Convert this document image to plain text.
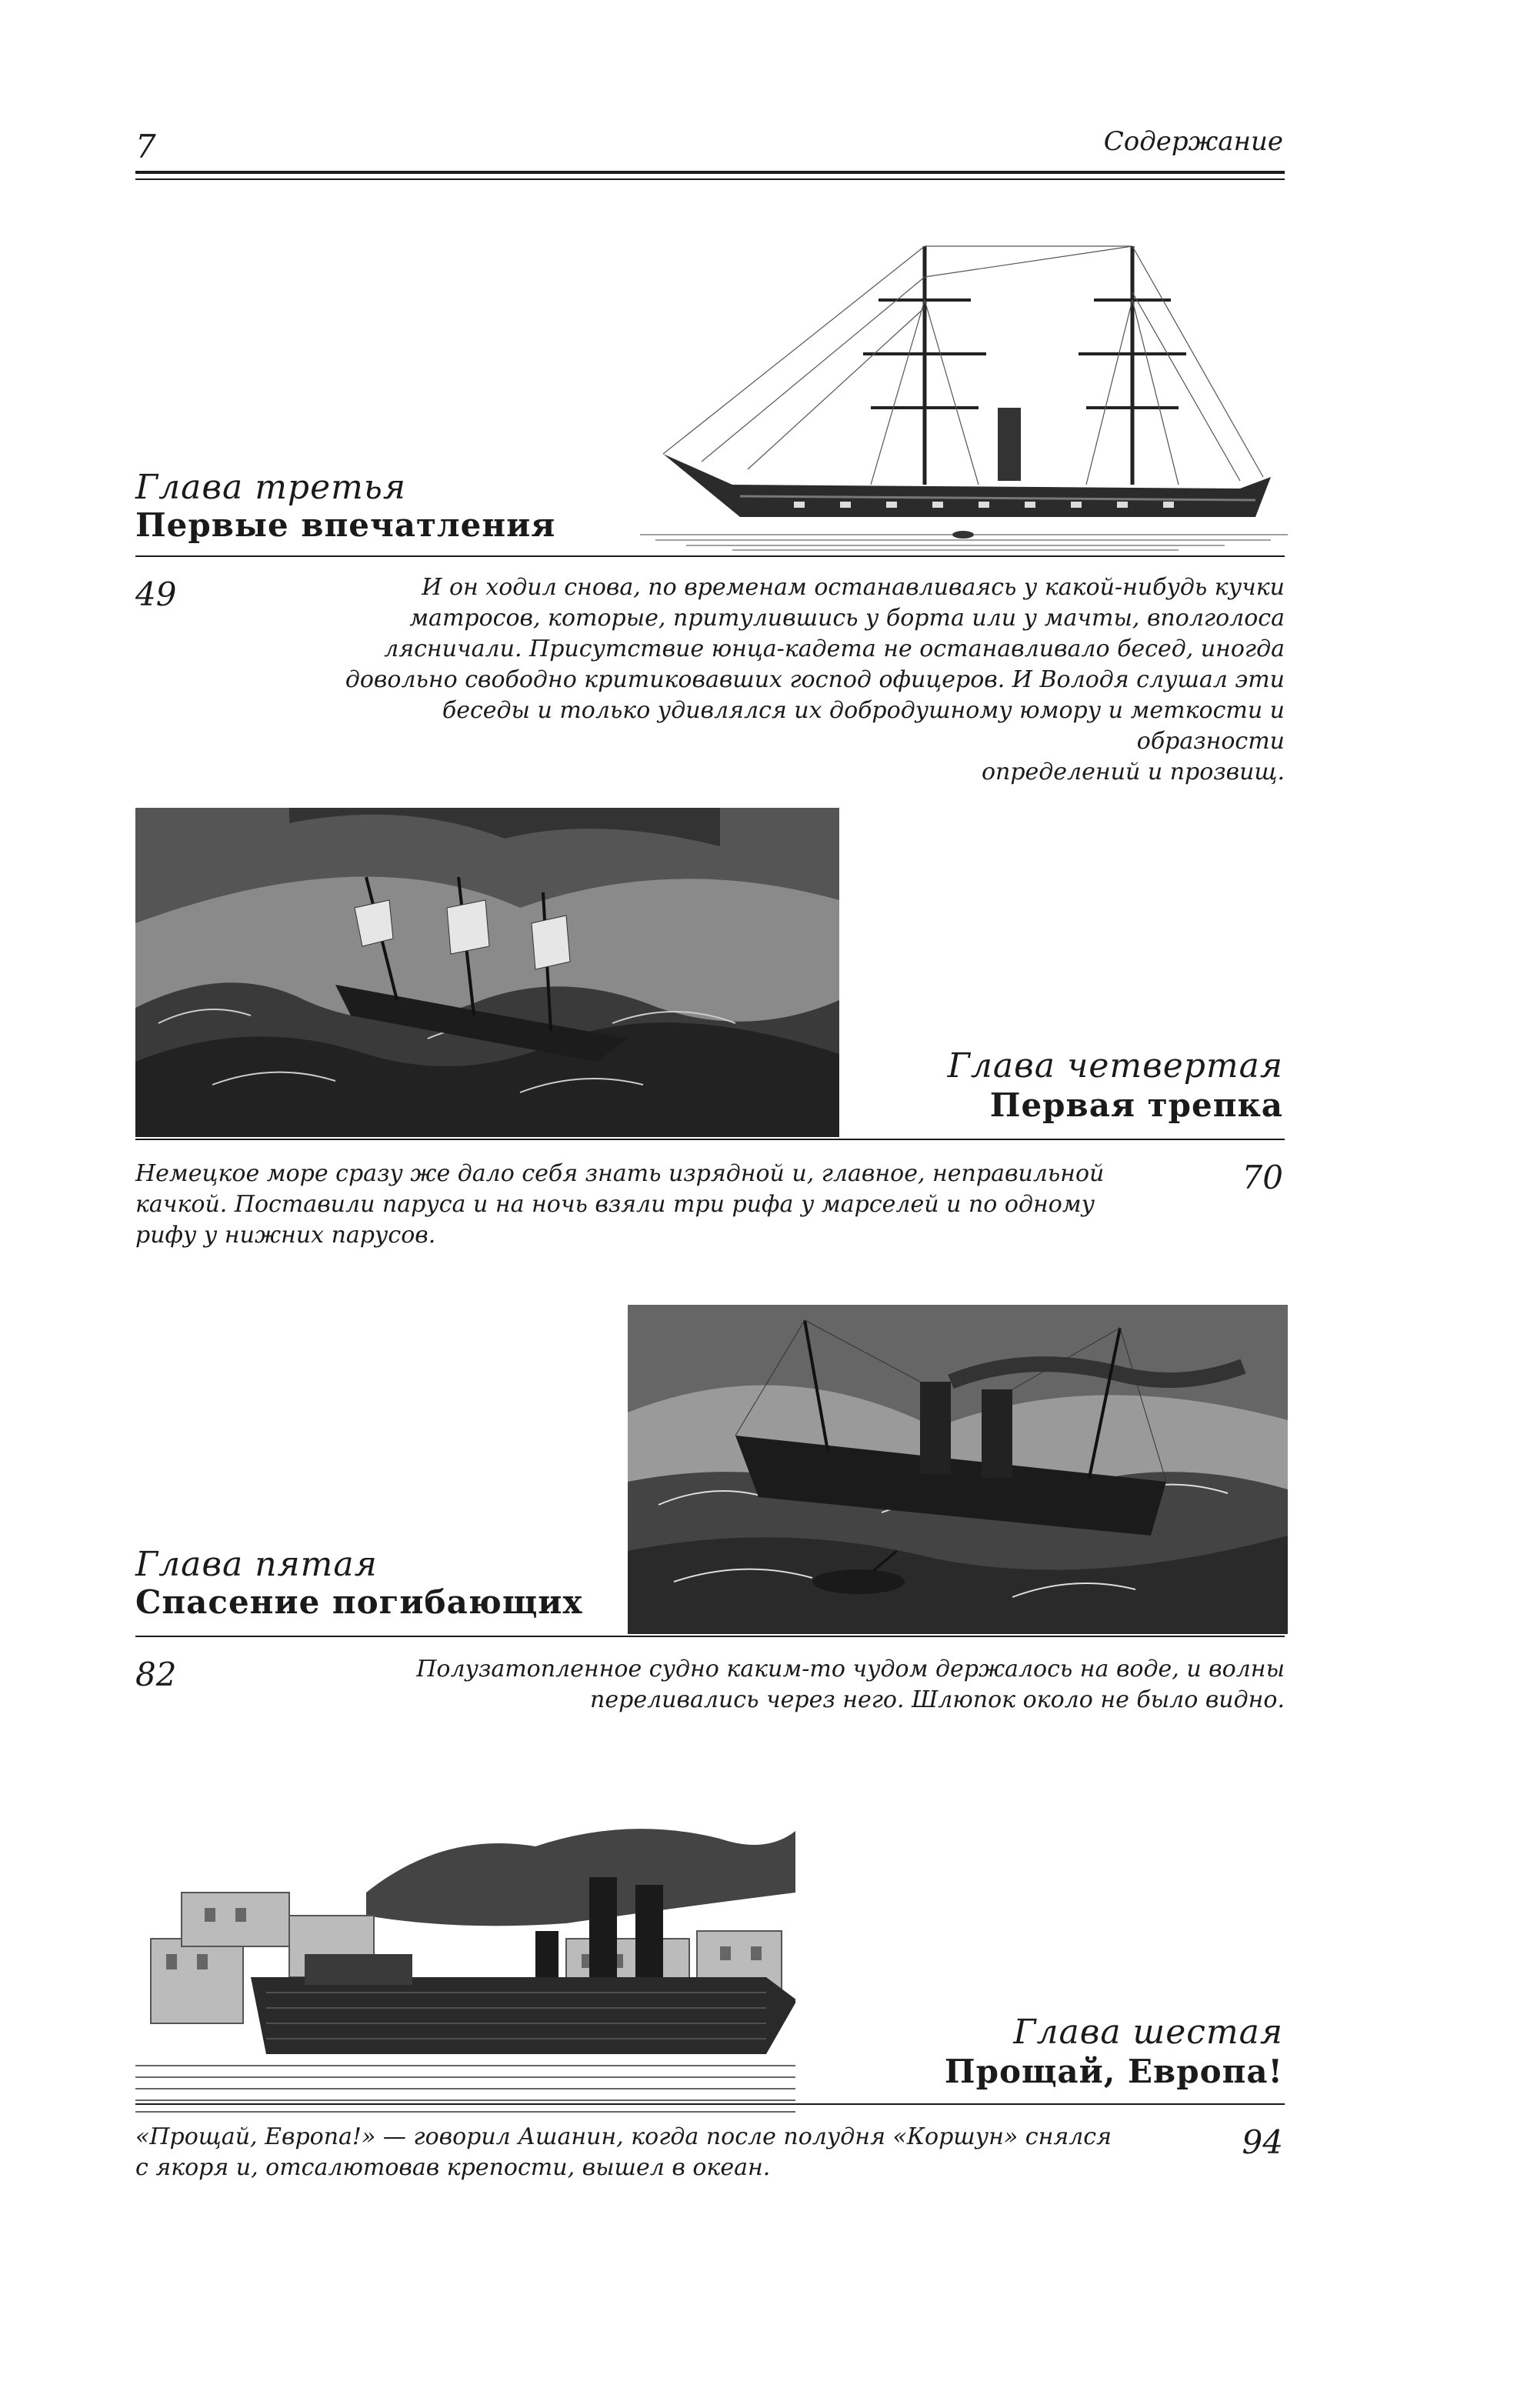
7	Содержание
Глава третья
Первые впечатления
49	И он ходил снова, по временам останавливаясь у какой-нибудь кучки
матросов, которые, притулившись у борта или у мачты, вполголоса
лясничали. Присутствие юнца-кадета не останавливало бесед, иногда
довольно свободно критиковавших господ офицеров. И Володя слушал эти
беседы и только удивлялся их добродушному юмору и меткости и образности
определений и прозвищ.
Глава четвертая
Первая трепка
Немецкое море сразу же дало себя знать изрядной и, главное, неправильной
качкой. Поставили паруса и на ночь взяли три рифа у марселей и по одному
рифу у нижних парусов.
70
Глава пятая
Спасение погибающих
82	Полузатопленное судно каким-то чудом держалось на воде, и волны
переливались через него. Шлюпок около не было видно.
Глава шестая
Прощай, Европа!
«Прощай, Европа!» — говорил Ашанин, когда после полудня «Коршун» снялся
с якоря и, отсалютовав крепости, вышел в океан.
94
